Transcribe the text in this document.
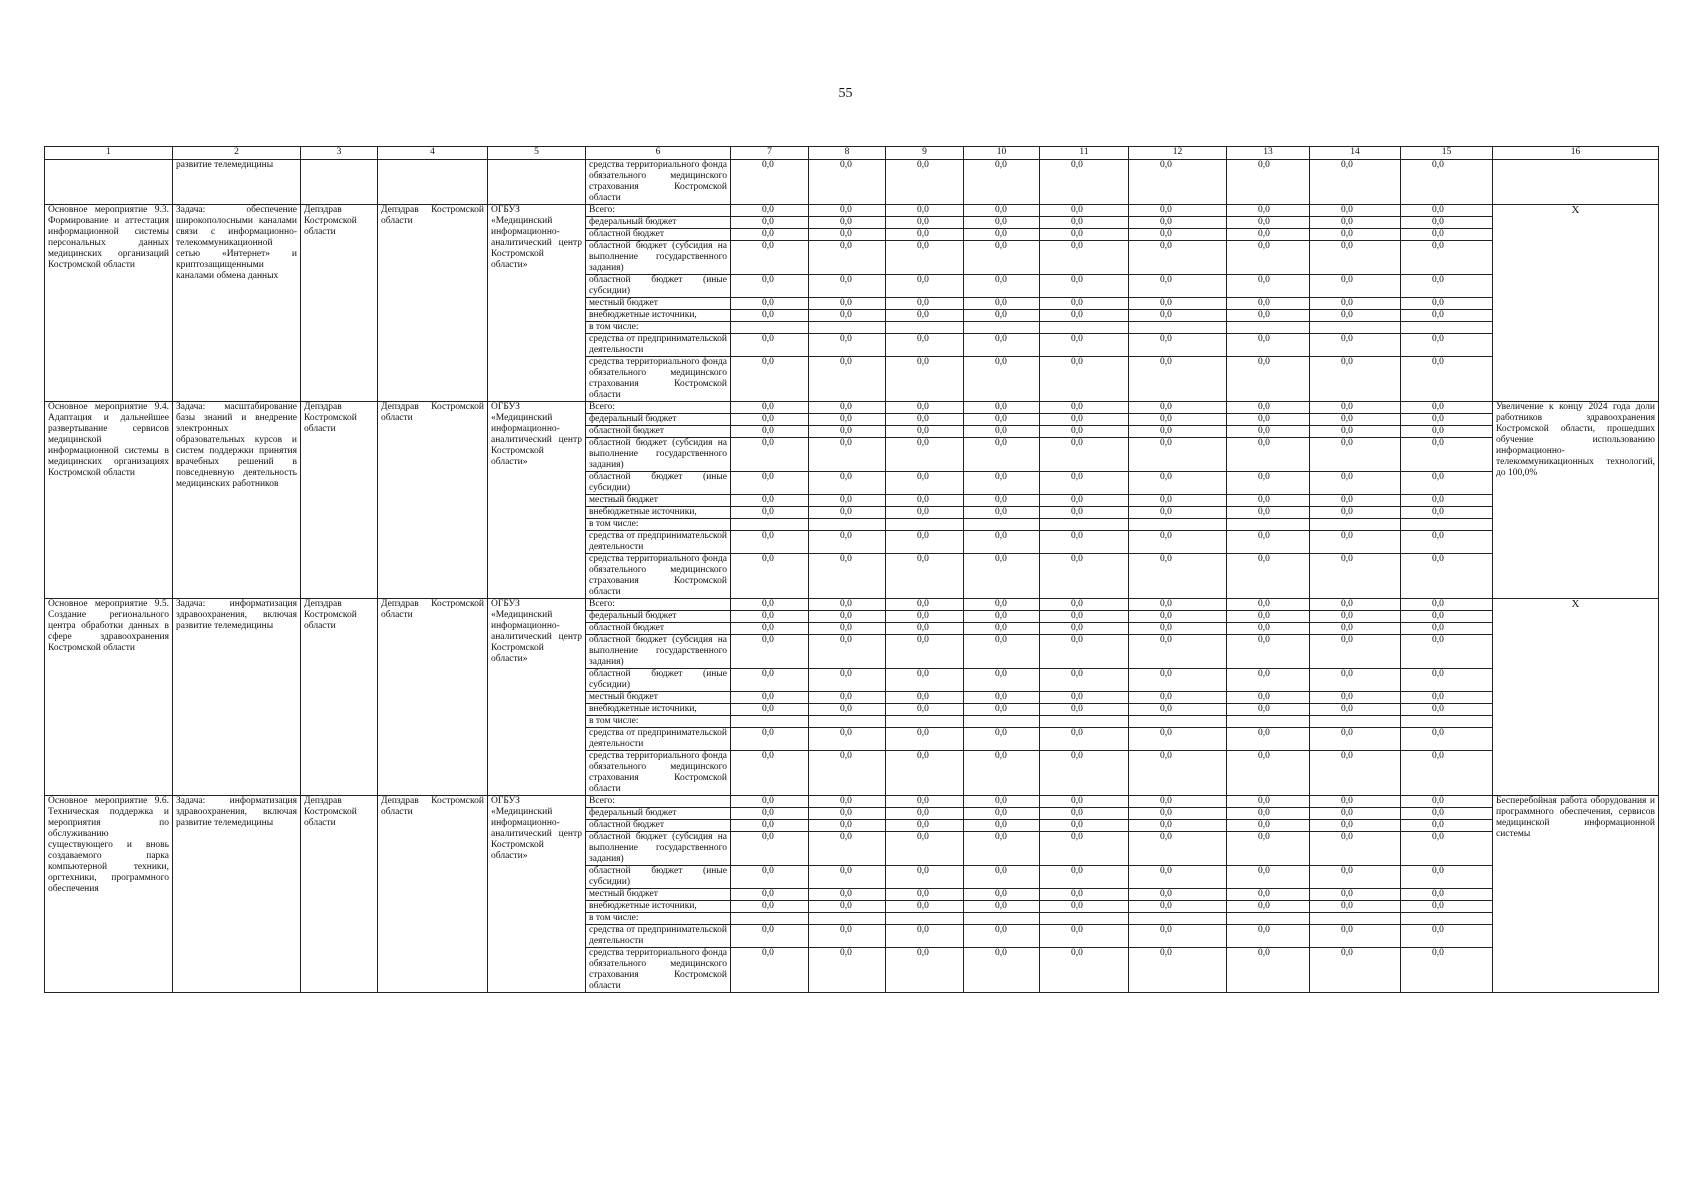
55
1	2	3	4	5	6	7	8	9	10	11	12	13	14	15	16
	развитие телемедицины				средства территориального фонда обязательного медицинского страхования Костромской области	0,0	0,0	0,0	0,0	0,0	0,0	0,0	0,0	0,0	
Основное мероприятие 9.3. Формирование и аттестация информационной системы персональных данных медицинских организаций Костромской области	Задача: обеспечение широкополосными каналами связи с информационно-телекоммуникационной сетью «Интернет» и криптозащищенными каналами обмена данных	Депздрав Костромской области	Депздрав Костромской области	ОГБУЗ «Медицинский информационно-аналитический центр Костромской области»	Всего:	0,0	0,0	0,0	0,0	0,0	0,0	0,0	0,0	0,0	X
					федеральный бюджет	0,0	0,0	0,0	0,0	0,0	0,0	0,0	0,0	0,0	
					областной бюджет	0,0	0,0	0,0	0,0	0,0	0,0	0,0	0,0	0,0	
					областной бюджет (субсидия на выполнение государственного задания)	0,0	0,0	0,0	0,0	0,0	0,0	0,0	0,0	0,0	
					областной бюджет (иные субсидии)	0,0	0,0	0,0	0,0	0,0	0,0	0,0	0,0	0,0	
					местный бюджет	0,0	0,0	0,0	0,0	0,0	0,0	0,0	0,0	0,0	
					внебюджетные источники,	0,0	0,0	0,0	0,0	0,0	0,0	0,0	0,0	0,0	
					в том числе:										
					средства от предпринимательской деятельности	0,0	0,0	0,0	0,0	0,0	0,0	0,0	0,0	0,0	
					средства территориального фонда обязательного медицинского страхования Костромской области	0,0	0,0	0,0	0,0	0,0	0,0	0,0	0,0	0,0	
Основное мероприятие 9.4. Адаптация и дальнейшее развертывание сервисов медицинской информационной системы в медицинских организациях Костромской области	Задача: масштабирование базы знаний и внедрение электронных образовательных курсов и систем поддержки принятия врачебных решений в повседневную деятельность медицинских работников	Депздрав Костромской области	Депздрав Костромской области	ОГБУЗ «Медицинский информационно-аналитический центр Костромской области»	Всего:	0,0	0,0	0,0	0,0	0,0	0,0	0,0	0,0	0,0	Увеличение к концу 2024 года доли работников здравоохранения Костромской области, прошедших обучение использованию информационно-телекоммуникационных технологий, до 100,0%
					федеральный бюджет	0,0	0,0	0,0	0,0	0,0	0,0	0,0	0,0	0,0	
					областной бюджет	0,0	0,0	0,0	0,0	0,0	0,0	0,0	0,0	0,0	
					областной бюджет (субсидия на выполнение государственного задания)	0,0	0,0	0,0	0,0	0,0	0,0	0,0	0,0	0,0	
					областной бюджет (иные субсидии)	0,0	0,0	0,0	0,0	0,0	0,0	0,0	0,0	0,0	
					местный бюджет	0,0	0,0	0,0	0,0	0,0	0,0	0,0	0,0	0,0	
					внебюджетные источники,	0,0	0,0	0,0	0,0	0,0	0,0	0,0	0,0	0,0	
					в том числе:										
					средства от предпринимательской деятельности	0,0	0,0	0,0	0,0	0,0	0,0	0,0	0,0	0,0	
					средства территориального фонда обязательного медицинского страхования Костромской области	0,0	0,0	0,0	0,0	0,0	0,0	0,0	0,0	0,0	
Основное мероприятие 9.5. Создание регионального центра обработки данных в сфере здравоохранения Костромской области	Задача: информатизация здравоохранения, включая развитие телемедицины	Депздрав Костромской области	Депздрав Костромской области	ОГБУЗ «Медицинский информационно-аналитический центр Костромской области»	Всего:	0,0	0,0	0,0	0,0	0,0	0,0	0,0	0,0	0,0	X
					федеральный бюджет	0,0	0,0	0,0	0,0	0,0	0,0	0,0	0,0	0,0	
					областной бюджет	0,0	0,0	0,0	0,0	0,0	0,0	0,0	0,0	0,0	
					областной бюджет (субсидия на выполнение государственного задания)	0,0	0,0	0,0	0,0	0,0	0,0	0,0	0,0	0,0	
					областной бюджет (иные субсидии)	0,0	0,0	0,0	0,0	0,0	0,0	0,0	0,0	0,0	
					местный бюджет	0,0	0,0	0,0	0,0	0,0	0,0	0,0	0,0	0,0	
					внебюджетные источники,	0,0	0,0	0,0	0,0	0,0	0,0	0,0	0,0	0,0	
					в том числе:										
					средства от предпринимательской деятельности	0,0	0,0	0,0	0,0	0,0	0,0	0,0	0,0	0,0	
					средства территориального фонда обязательного медицинского страхования Костромской области	0,0	0,0	0,0	0,0	0,0	0,0	0,0	0,0	0,0	
Основное мероприятие 9.6. Техническая поддержка и мероприятия по обслуживанию существующего и вновь создаваемого парка компьютерной техники, оргтехники, программного обеспечения	Задача: информатизация здравоохранения, включая развитие телемедицины	Депздрав Костромской области	Депздрав Костромской области	ОГБУЗ «Медицинский информационно-аналитический центр Костромской области»	Всего:	0,0	0,0	0,0	0,0	0,0	0,0	0,0	0,0	0,0	Бесперебойная работа оборудования и программного обеспечения, сервисов медицинской информационной системы
					федеральный бюджет	0,0	0,0	0,0	0,0	0,0	0,0	0,0	0,0	0,0	
					областной бюджет	0,0	0,0	0,0	0,0	0,0	0,0	0,0	0,0	0,0	
					областной бюджет (субсидия на выполнение государственного задания)	0,0	0,0	0,0	0,0	0,0	0,0	0,0	0,0	0,0	
					областной бюджет (иные субсидии)	0,0	0,0	0,0	0,0	0,0	0,0	0,0	0,0	0,0	
					местный бюджет	0,0	0,0	0,0	0,0	0,0	0,0	0,0	0,0	0,0	
					внебюджетные источники,	0,0	0,0	0,0	0,0	0,0	0,0	0,0	0,0	0,0	
					в том числе:										
					средства от предпринимательской деятельности	0,0	0,0	0,0	0,0	0,0	0,0	0,0	0,0	0,0	
					средства территориального фонда обязательного медицинского страхования Костромской области	0,0	0,0	0,0	0,0	0,0	0,0	0,0	0,0	0,0	
